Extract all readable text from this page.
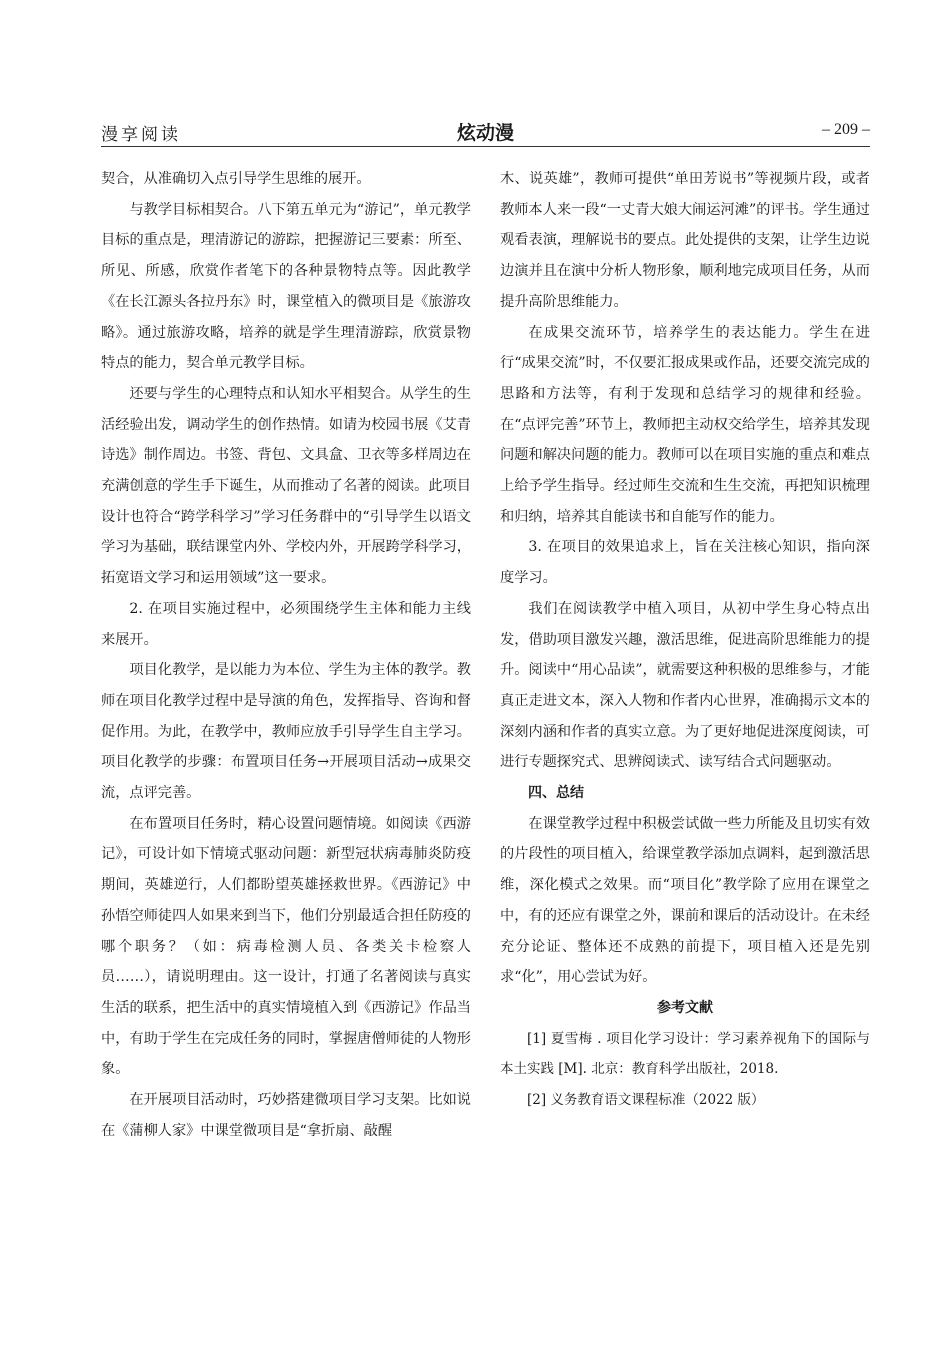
漫享阅读	炫动漫	– 209 –

契合，从准确切入点引导学生思维的展开。

与教学目标相契合。八下第五单元为“游记”，单元教学目标的重点是，理清游记的游踪，把握游记三要素：所至、所见、所感，欣赏作者笔下的各种景物特点等。因此教学《在长江源头各拉丹东》时，课堂植入的微项目是《旅游攻略》。通过旅游攻略，培养的就是学生理清游踪，欣赏景物特点的能力，契合单元教学目标。

还要与学生的心理特点和认知水平相契合。从学生的生活经验出发，调动学生的创作热情。如请为校园书展《艾青诗选》制作周边。书签、背包、文具盒、卫衣等多样周边在充满创意的学生手下诞生，从而推动了名著的阅读。此项目设计也符合“跨学科学习”学习任务群中的“引导学生以语文学习为基础，联结课堂内外、学校内外，开展跨学科学习，拓宽语文学习和运用领域”这一要求。

2. 在项目实施过程中，必须围绕学生主体和能力主线来展开。

项目化教学，是以能力为本位、学生为主体的教学。教师在项目化教学过程中是导演的角色，发挥指导、咨询和督促作用。为此，在教学中，教师应放手引导学生自主学习。项目化教学的步骤：布置项目任务→开展项目活动→成果交流，点评完善。

在布置项目任务时，精心设置问题情境。如阅读《西游记》，可设计如下情境式驱动问题：新型冠状病毒肺炎防疫期间，英雄逆行，人们都盼望英雄拯救世界。《西游记》中孙悟空师徒四人如果来到当下，他们分别最适合担任防疫的哪个职务？（如：病毒检测人员、各类关卡检察人员……），请说明理由。这一设计，打通了名著阅读与真实生活的联系，把生活中的真实情境植入到《西游记》作品当中，有助于学生在完成任务的同时，掌握唐僧师徒的人物形象。

在开展项目活动时，巧妙搭建微项目学习支架。比如说在《蒲柳人家》中课堂微项目是“拿折扇、敲醒

木、说英雄”，教师可提供“单田芳说书”等视频片段，或者教师本人来一段“一丈青大娘大闹运河滩”的评书。学生通过观看表演，理解说书的要点。此处提供的支架，让学生边说边演并且在演中分析人物形象，顺利地完成项目任务，从而提升高阶思维能力。

在成果交流环节，培养学生的表达能力。学生在进行“成果交流”时，不仅要汇报成果或作品，还要交流完成的思路和方法等，有利于发现和总结学习的规律和经验。在“点评完善”环节上，教师把主动权交给学生，培养其发现问题和解决问题的能力。教师可以在项目实施的重点和难点上给予学生指导。经过师生交流和生生交流，再把知识梳理和归纳，培养其自能读书和自能写作的能力。

3. 在项目的效果追求上，旨在关注核心知识，指向深度学习。

我们在阅读教学中植入项目，从初中学生身心特点出发，借助项目激发兴趣，激活思维，促进高阶思维能力的提升。阅读中“用心品读”，就需要这种积极的思维参与，才能真正走进文本，深入人物和作者内心世界，准确揭示文本的深刻内涵和作者的真实立意。为了更好地促进深度阅读，可进行专题探究式、思辨阅读式、读写结合式问题驱动。

四、总结

在课堂教学过程中积极尝试做一些力所能及且切实有效的片段性的项目植入，给课堂教学添加点调料，起到激活思维，深化模式之效果。而“项目化”教学除了应用在课堂之中，有的还应有课堂之外，课前和课后的活动设计。在未经充分论证、整体还不成熟的前提下，项目植入还是先别求“化”，用心尝试为好。

参考文献

[1] 夏雪梅 . 项目化学习设计：学习素养视角下的国际与本土实践 [M]. 北京：教育科学出版社，2018.

[2] 义务教育语文课程标准（2022 版）
